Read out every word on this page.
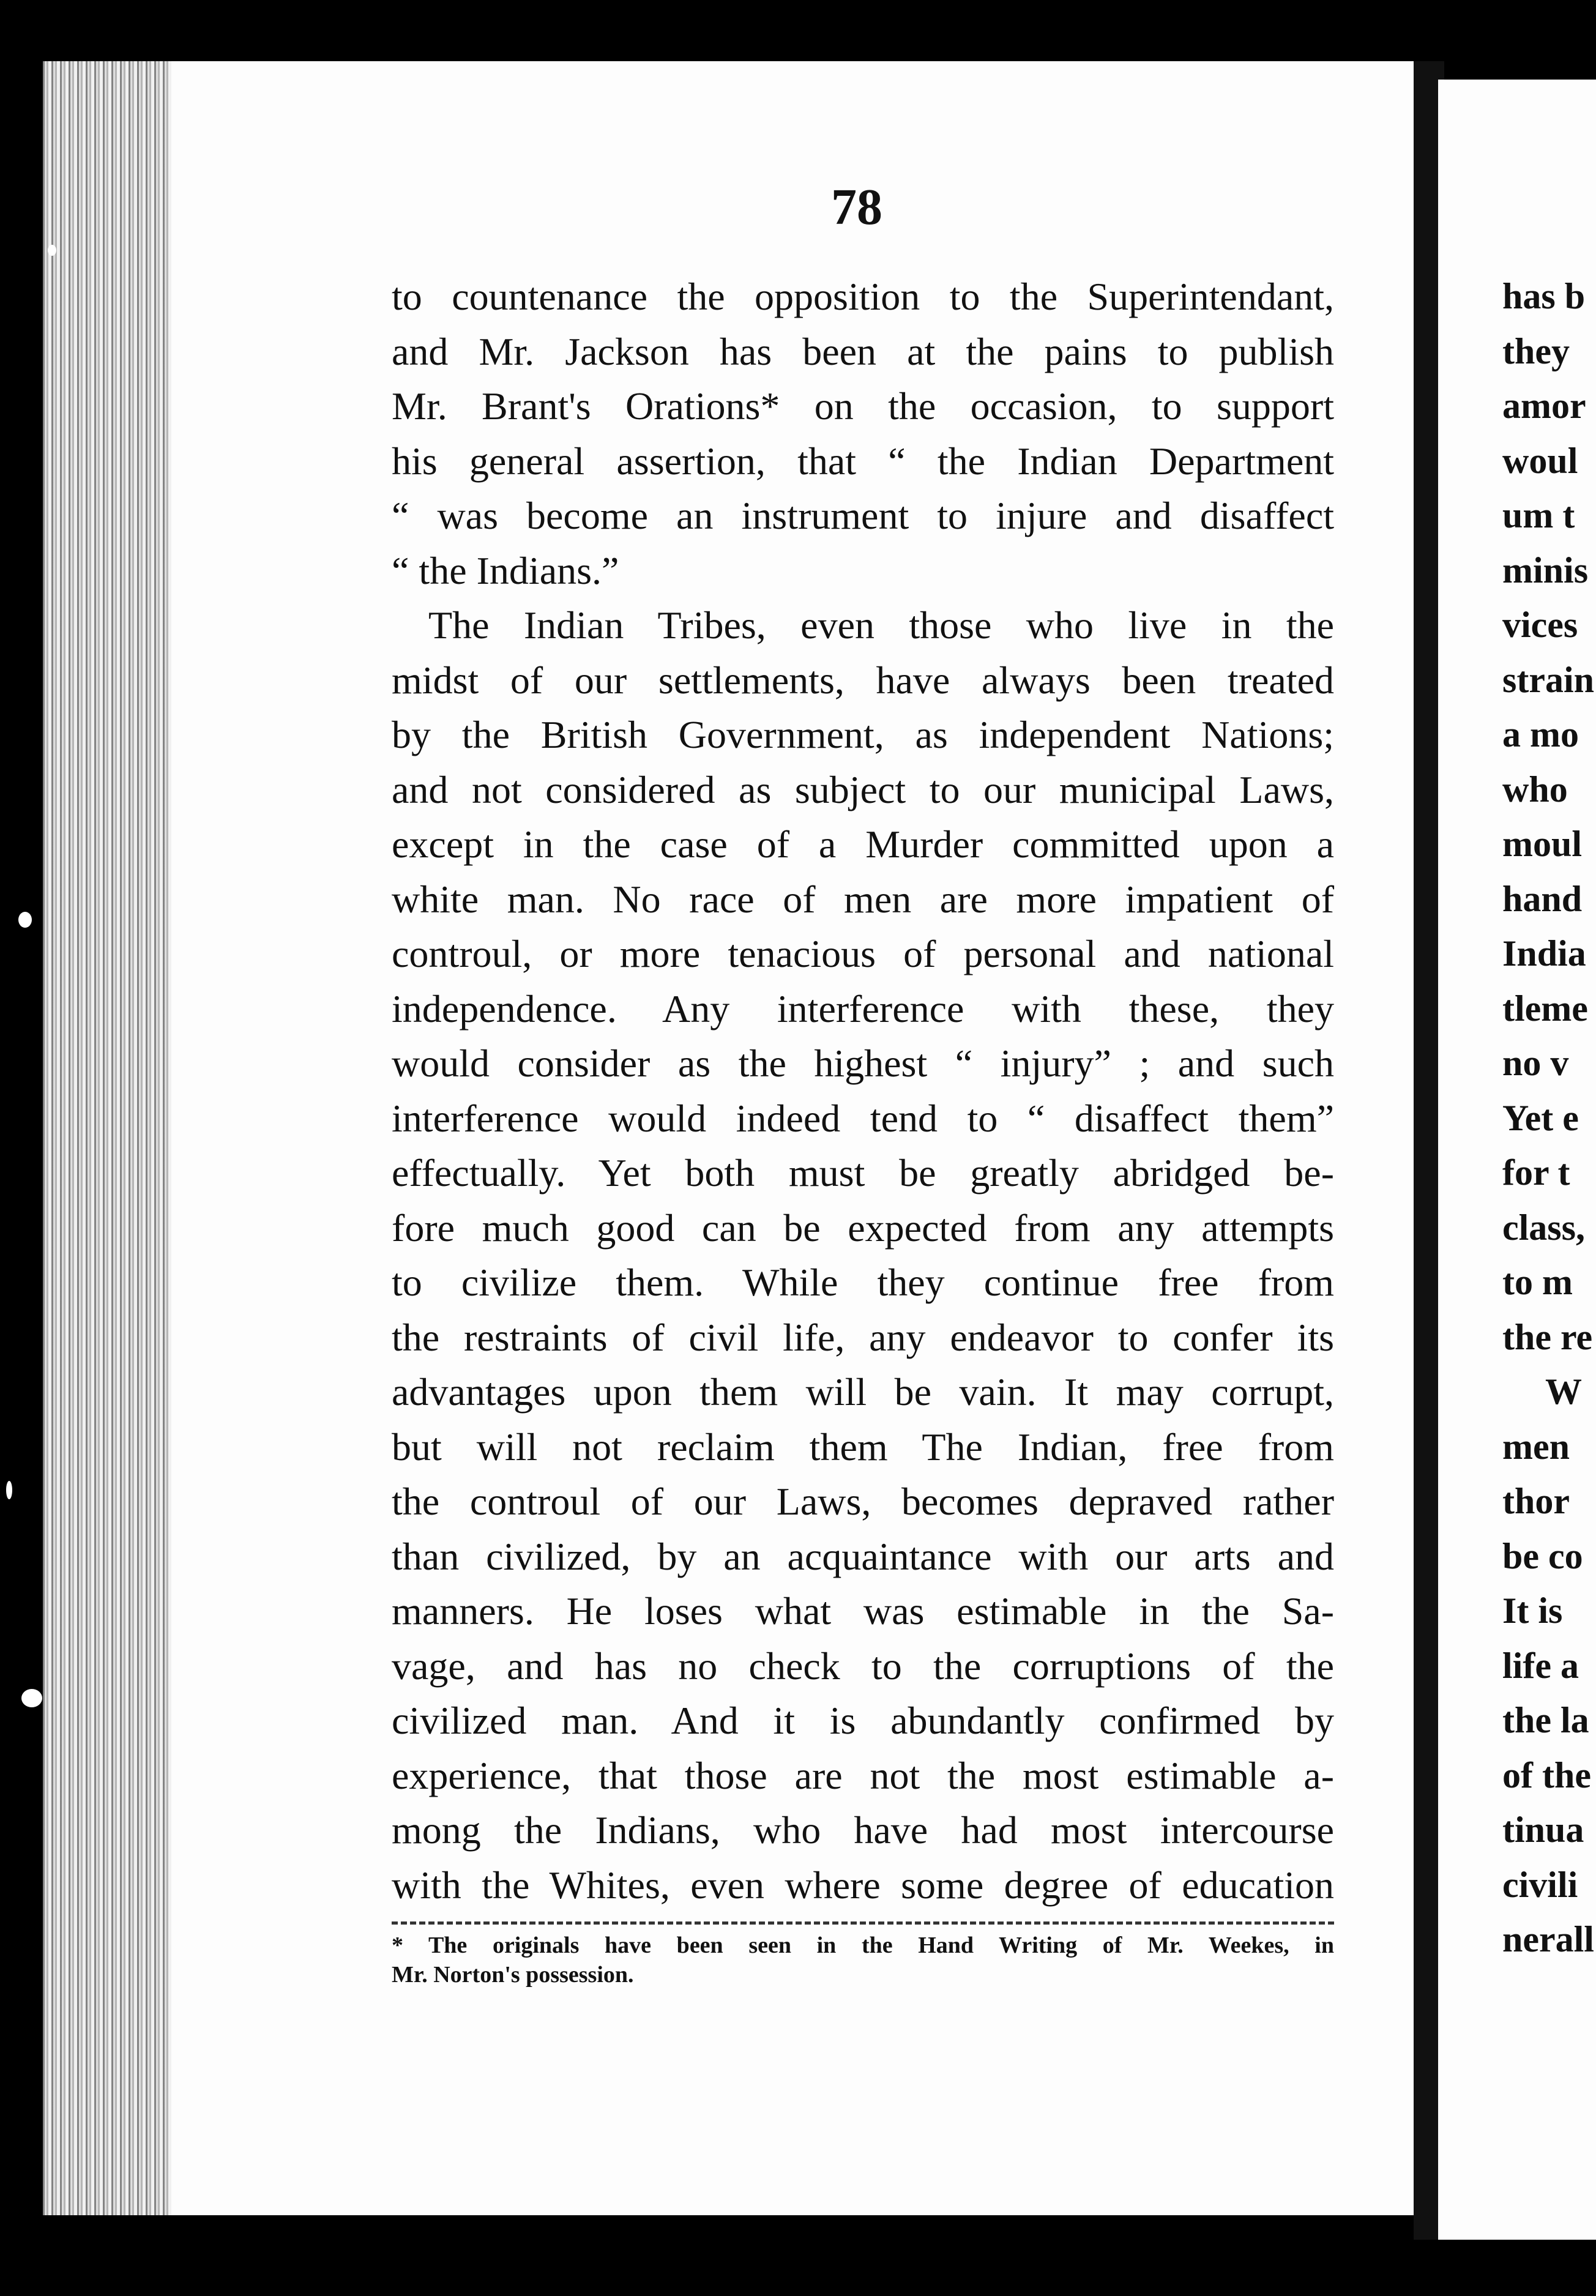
78
to countenance the opposition to the Superintendant,
and Mr. Jackson has been at the pains to publish
Mr. Brant's Orations* on the occasion, to support
his general assertion, that “ the Indian Department
“ was become an instrument to injure and disaffect
“ the Indians.”
The Indian Tribes, even those who live in the
midst of our settlements, have always been treated
by the British Government, as independent Nations;
and not considered as subject to our municipal Laws,
except in the case of a Murder committed upon a
white man. No race of men are more impatient of
controul, or more tenacious of personal and national
independence. Any interference with these, they
would consider as the highest “ injury” ; and such
interference would indeed tend to “ disaffect them”
effectually. Yet both must be greatly abridged be-
fore much good can be expected from any attempts
to civilize them. While they continue free from
the restraints of civil life, any endeavor to confer its
advantages upon them will be vain. It may corrupt,
but will not reclaim them The Indian, free from
the controul of our Laws, becomes depraved rather
than civilized, by an acquaintance with our arts and
manners. He loses what was estimable in the Sa-
vage, and has no check to the corruptions of the
civilized man. And it is abundantly confirmed by
experience, that those are not the most estimable a-
mong the Indians, who have had most intercourse
with the Whites, even where some degree of education
* The originals have been seen in the Hand Writing of Mr. Weekes, in
Mr. Norton's possession.
has b
they
amor
woul
um t
minis
vices
strain
a mo
who
moul
hand
India
tleme
no v
Yet e
for t
class,
to m
the re
W
men
thor
be co
It is
life a
the la
of the
tinua
civili
nerall
